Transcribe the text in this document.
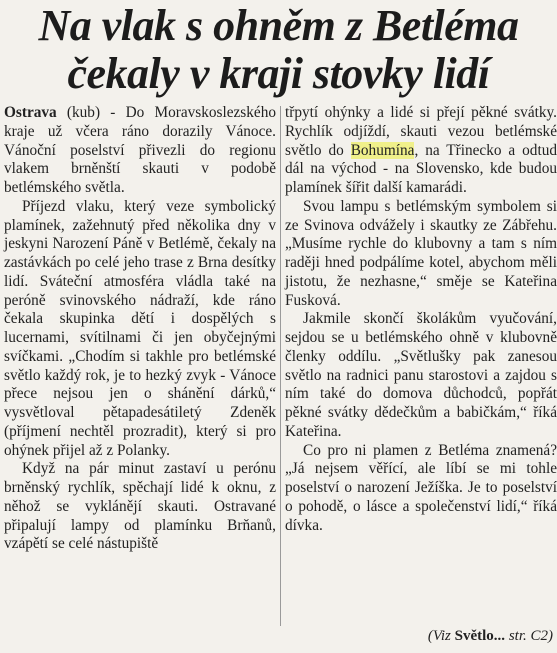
Na vlak s ohněm z Betléma
čekaly v kraji stovky lidí

Ostrava (kub) - Do Moravskoslezského kraje už včera ráno dorazily Vánoce. Vánoční poselství přivezli do regionu vlakem brněnští skauti v podobě betlémského světla.

Příjezd vlaku, který veze symbolický plamínek, zažehnutý před několika dny v jeskyni Narození Páně v Betlémě, čekaly na zastávkách po celé jeho trase z Brna desítky lidí. Sváteční atmosféra vládla také na peróně svinovského nádraží, kde ráno čekala skupinka dětí i dospělých s lucernami, svítilnami či jen obyčejnými svíčkami. „Chodím si takhle pro betlémské světlo každý rok, je to hezký zvyk - Vánoce přece nejsou jen o shánění dárků,“ vysvětloval pětapadesátiletý Zdeněk (příjmení nechtěl prozradit), který si pro ohýnek přijel až z Polanky.

Když na pár minut zastaví u perónu brněnský rychlík, spěchají lidé k oknu, z něhož se vyklánějí skauti. Ostravané připalují lampy od plamínku Brňanů, vzápětí se celé nástupiště

třpytí ohýnky a lidé si přejí pěkné svátky. Rychlík odjíždí, skauti vezou betlémské světlo do Bohumína, na Třinecko a odtud dál na východ - na Slovensko, kde budou plamínek šířit další kamarádi.

Svou lampu s betlémským symbolem si ze Svinova odvážely i skautky ze Zábřehu. „Musíme rychle do klubovny a tam s ním raději hned podpálíme kotel, abychom měli jistotu, že nezhasne,“ směje se Kateřina Fusková.

Jakmile skončí školákům vyučování, sejdou se u betlémského ohně v klubovně členky oddílu. „Světlušky pak zanesou světlo na radnici panu starostovi a zajdou s ním také do domova důchodců, popřát pěkné svátky dědečkům a babičkám,“ říká Kateřina.

Co pro ni plamen z Betléma znamená? „Já nejsem věřící, ale líbí se mi tohle poselství o narození Ježíška. Je to poselství o pohodě, o lásce a společenství lidí,“ říká dívka.

(Viz Světlo... str. C2)
